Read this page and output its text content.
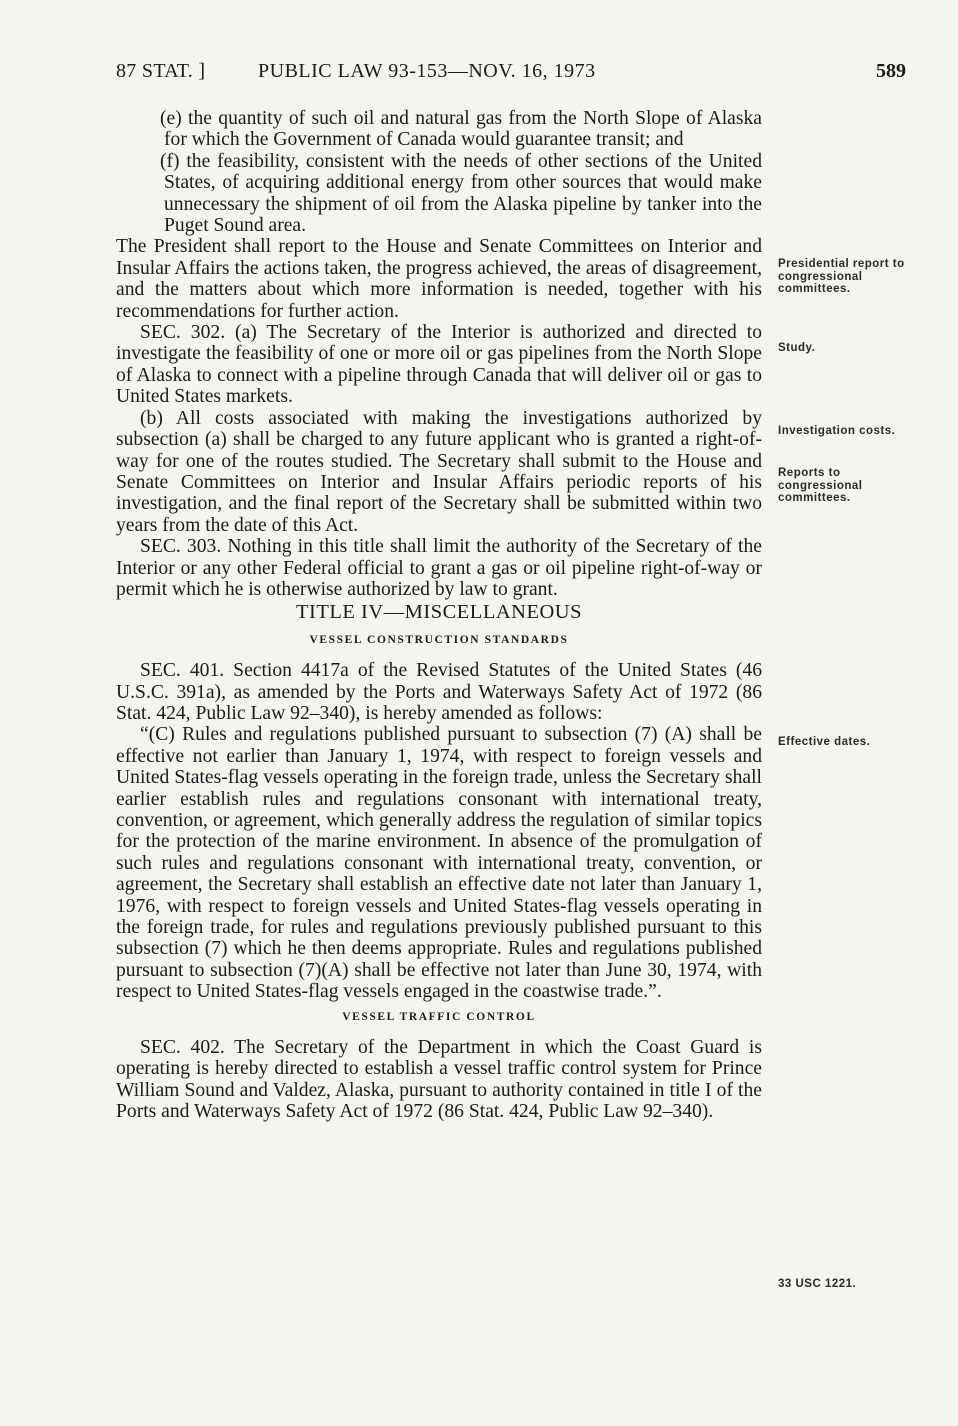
87 STAT. ]	PUBLIC LAW 93-153—NOV. 16, 1973	589

(e) the quantity of such oil and natural gas from the North Slope of Alaska for which the Government of Canada would guarantee transit; and

(f) the feasibility, consistent with the needs of other sections of the United States, of acquiring additional energy from other sources that would make unnecessary the shipment of oil from the Alaska pipeline by tanker into the Puget Sound area.

The President shall report to the House and Senate Committees on Interior and Insular Affairs the actions taken, the progress achieved, the areas of disagreement, and the matters about which more information is needed, together with his recommendations for further action.

SEC. 302. (a) The Secretary of the Interior is authorized and directed to investigate the feasibility of one or more oil or gas pipelines from the North Slope of Alaska to connect with a pipeline through Canada that will deliver oil or gas to United States markets.

(b) All costs associated with making the investigations authorized by subsection (a) shall be charged to any future applicant who is granted a right-of-way for one of the routes studied. The Secretary shall submit to the House and Senate Committees on Interior and Insular Affairs periodic reports of his investigation, and the final report of the Secretary shall be submitted within two years from the date of this Act.

SEC. 303. Nothing in this title shall limit the authority of the Secretary of the Interior or any other Federal official to grant a gas or oil pipeline right-of-way or permit which he is otherwise authorized by law to grant.

TITLE IV—MISCELLANEOUS

VESSEL CONSTRUCTION STANDARDS

SEC. 401. Section 4417a of the Revised Statutes of the United States (46 U.S.C. 391a), as amended by the Ports and Waterways Safety Act of 1972 (86 Stat. 424, Public Law 92–340), is hereby amended as follows:

“(C) Rules and regulations published pursuant to subsection (7) (A) shall be effective not earlier than January 1, 1974, with respect to foreign vessels and United States-flag vessels operating in the foreign trade, unless the Secretary shall earlier establish rules and regulations consonant with international treaty, convention, or agreement, which generally address the regulation of similar topics for the protection of the marine environment. In absence of the promulgation of such rules and regulations consonant with international treaty, convention, or agreement, the Secretary shall establish an effective date not later than January 1, 1976, with respect to foreign vessels and United States-flag vessels operating in the foreign trade, for rules and regulations previously published pursuant to this subsection (7) which he then deems appropriate. Rules and regulations published pursuant to subsection (7)(A) shall be effective not later than June 30, 1974, with respect to United States-flag vessels engaged in the coastwise trade.”.

VESSEL TRAFFIC CONTROL

SEC. 402. The Secretary of the Department in which the Coast Guard is operating is hereby directed to establish a vessel traffic control system for Prince William Sound and Valdez, Alaska, pursuant to authority contained in title I of the Ports and Waterways Safety Act of 1972 (86 Stat. 424, Public Law 92–340).

Presidential report to congressional committees.
Study.
Investigation costs.
Reports to congressional committees.
Effective dates.
33 USC 1221.
